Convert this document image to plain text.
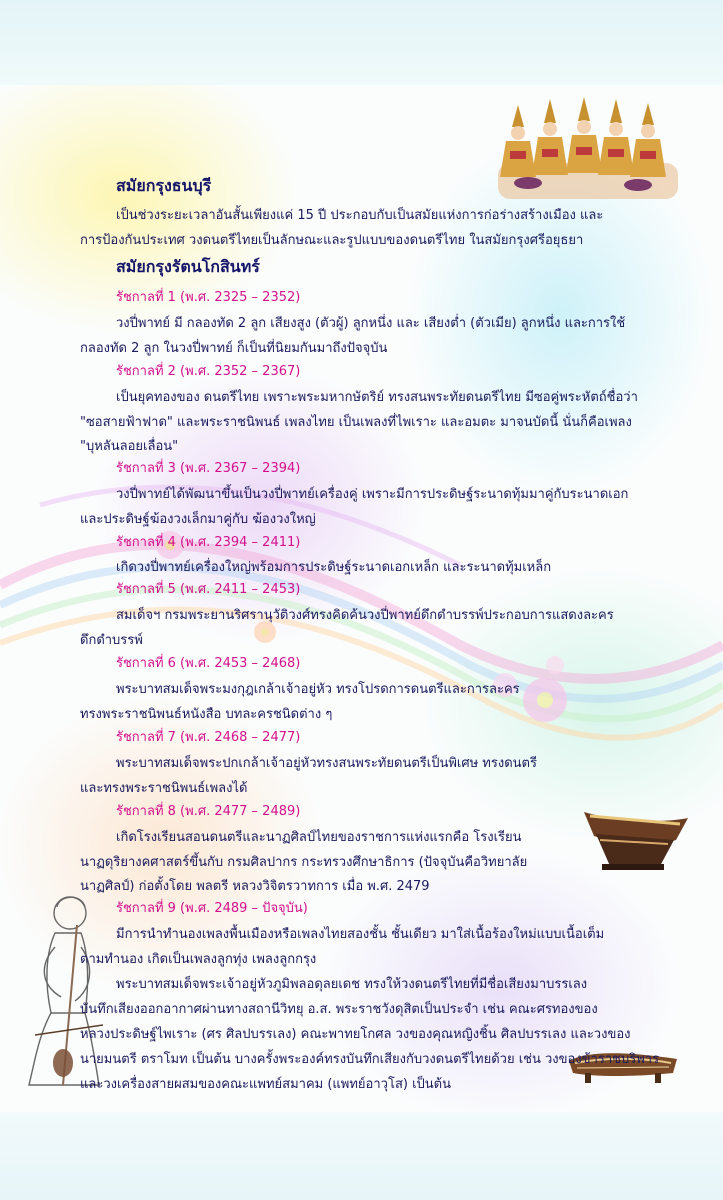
สมัยกรุงธนบุรี
เป็นช่วงระยะเวลาอันสั้นเพียงแค่ 15 ปี ประกอบกับเป็นสมัยแห่งการก่อร่างสร้างเมือง และ
การป้องกันประเทศ วงดนตรีไทยเป็นลักษณะและรูปแบบของดนตรีไทย ในสมัยกรุงศรีอยุธยา
สมัยกรุงรัตนโกสินทร์
รัชกาลที่ 1 (พ.ศ. 2325 – 2352)
วงปี่พาทย์ มี กลองทัด 2 ลูก เสียงสูง (ตัวผู้) ลูกหนึ่ง และ เสียงต่ำ (ตัวเมีย) ลูกหนึ่ง และการใช้
กลองทัด 2 ลูก ในวงปี่พาทย์ ก็เป็นที่นิยมกันมาถึงปัจจุบัน
รัชกาลที่ 2 (พ.ศ. 2352 – 2367)
เป็นยุคทองของ ดนตรีไทย เพราะพระมหากษัตริย์ ทรงสนพระทัยดนตรีไทย มีซอคู่พระหัตถ์ชื่อว่า
"ซอสายฟ้าฟาด" และพระราชนิพนธ์ เพลงไทย เป็นเพลงที่ไพเราะ และอมตะ มาจนบัดนี้ นั่นก็คือเพลง
"บุหลันลอยเลื่อน"
รัชกาลที่ 3 (พ.ศ. 2367 – 2394)
วงปี่พาทย์ได้พัฒนาขึ้นเป็นวงปี่พาทย์เครื่องคู่ เพราะมีการประดิษฐ์ระนาดทุ้มมาคู่กับระนาดเอก
และประดิษฐ์ฆ้องวงเล็กมาคู่กับ ฆ้องวงใหญ่
รัชกาลที่ 4 (พ.ศ. 2394 – 2411)
เกิดวงปี่พาทย์เครื่องใหญ่พร้อมการประดิษฐ์ระนาดเอกเหล็ก และระนาดทุ้มเหล็ก
รัชกาลที่ 5 (พ.ศ. 2411 – 2453)
สมเด็จฯ กรมพระยานริศรานุวัติวงศ์ทรงคิดค้นวงปี่พาทย์ดึกดำบรรพ์ประกอบการแสดงละคร
ดึกดำบรรพ์
รัชกาลที่ 6 (พ.ศ. 2453 – 2468)
พระบาทสมเด็จพระมงกุฎเกล้าเจ้าอยู่หัว ทรงโปรดการดนตรีและการละคร
ทรงพระราชนิพนธ์หนังสือ บทละครชนิดต่าง ๆ
รัชกาลที่ 7 (พ.ศ. 2468 – 2477)
พระบาทสมเด็จพระปกเกล้าเจ้าอยู่หัวทรงสนพระทัยดนตรีเป็นพิเศษ ทรงดนตรี
และทรงพระราชนิพนธ์เพลงได้
รัชกาลที่ 8 (พ.ศ. 2477 – 2489)
เกิดโรงเรียนสอนดนตรีและนาฏศิลป์ไทยของราชการแห่งแรกคือ โรงเรียน
นาฏดุริยางคศาสตร์ขึ้นกับ กรมศิลปากร กระทรวงศึกษาธิการ (ปัจจุบันคือวิทยาลัย
นาฏศิลป์) ก่อตั้งโดย พลตรี หลวงวิจิตรวาทการ เมื่อ พ.ศ. 2479
รัชกาลที่ 9 (พ.ศ. 2489 – ปัจจุบัน)
มีการนำทำนองเพลงพื้นเมืองหรือเพลงไทยสองชั้น ชั้นเดียว มาใส่เนื้อร้องใหม่แบบเนื้อเต็ม
ตามทำนอง เกิดเป็นเพลงลูกทุ่ง เพลงลูกกรุง
พระบาทสมเด็จพระเจ้าอยู่หัวภูมิพลอดุลยเดช ทรงให้วงดนตรีไทยที่มีชื่อเสียงมาบรรเลง
บันทึกเสียงออกอากาศผ่านทางสถานีวิทยุ อ.ส. พระราชวังดุสิตเป็นประจำ เช่น คณะศรทองของ
หลวงประดิษฐ์ไพเราะ (ศร ศิลปบรรเลง) คณะพาทยโกศล วงของคุณหญิงชิ้น ศิลปบรรเลง และวงของ
นายมนตรี ตราโมท เป็นต้น บางครั้งพระองค์ทรงบันทึกเสียงกับวงดนตรีไทยด้วย เช่น วงของข้าราชบริพาร
และวงเครื่องสายผสมของคณะแพทย์สมาคม (แพทย์อาวุโส) เป็นต้น
